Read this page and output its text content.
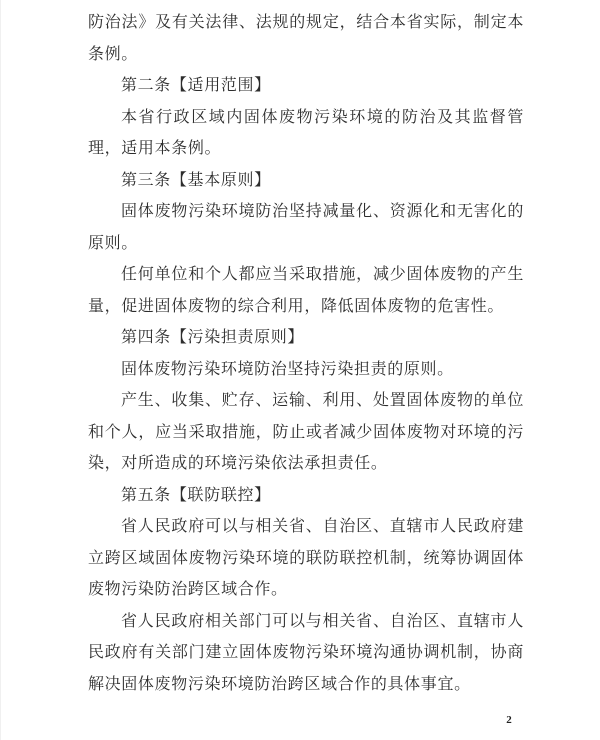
防治法》及有关法律、法规的规定，结合本省实际，制定本条例。

第二条【适用范围】

本省行政区域内固体废物污染环境的防治及其监督管理，适用本条例。

第三条【基本原则】

固体废物污染环境防治坚持减量化、资源化和无害化的原则。

任何单位和个人都应当采取措施，减少固体废物的产生量，促进固体废物的综合利用，降低固体废物的危害性。

第四条【污染担责原则】

固体废物污染环境防治坚持污染担责的原则。

产生、收集、贮存、运输、利用、处置固体废物的单位和个人，应当采取措施，防止或者减少固体废物对环境的污染，对所造成的环境污染依法承担责任。

第五条【联防联控】

省人民政府可以与相关省、自治区、直辖市人民政府建立跨区域固体废物污染环境的联防联控机制，统筹协调固体废物污染防治跨区域合作。

省人民政府相关部门可以与相关省、自治区、直辖市人民政府有关部门建立固体废物污染环境沟通协调机制，协商解决固体废物污染环境防治跨区域合作的具体事宜。

2
